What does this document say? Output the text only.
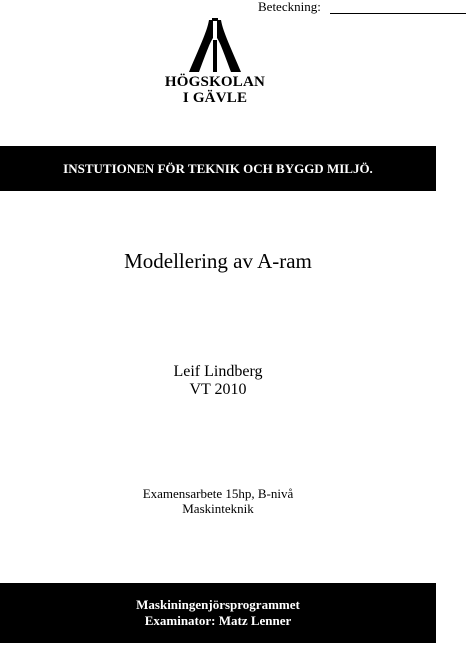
Beteckning:
HÖGSKOLAN
I GÄVLE
INSTUTIONEN FÖR TEKNIK OCH BYGGD MILJÖ.
Modellering av A-ram
Leif Lindberg
VT 2010
Examensarbete 15hp, B-nivå
Maskinteknik
Maskiningenjörsprogrammet
Examinator: Matz Lenner
